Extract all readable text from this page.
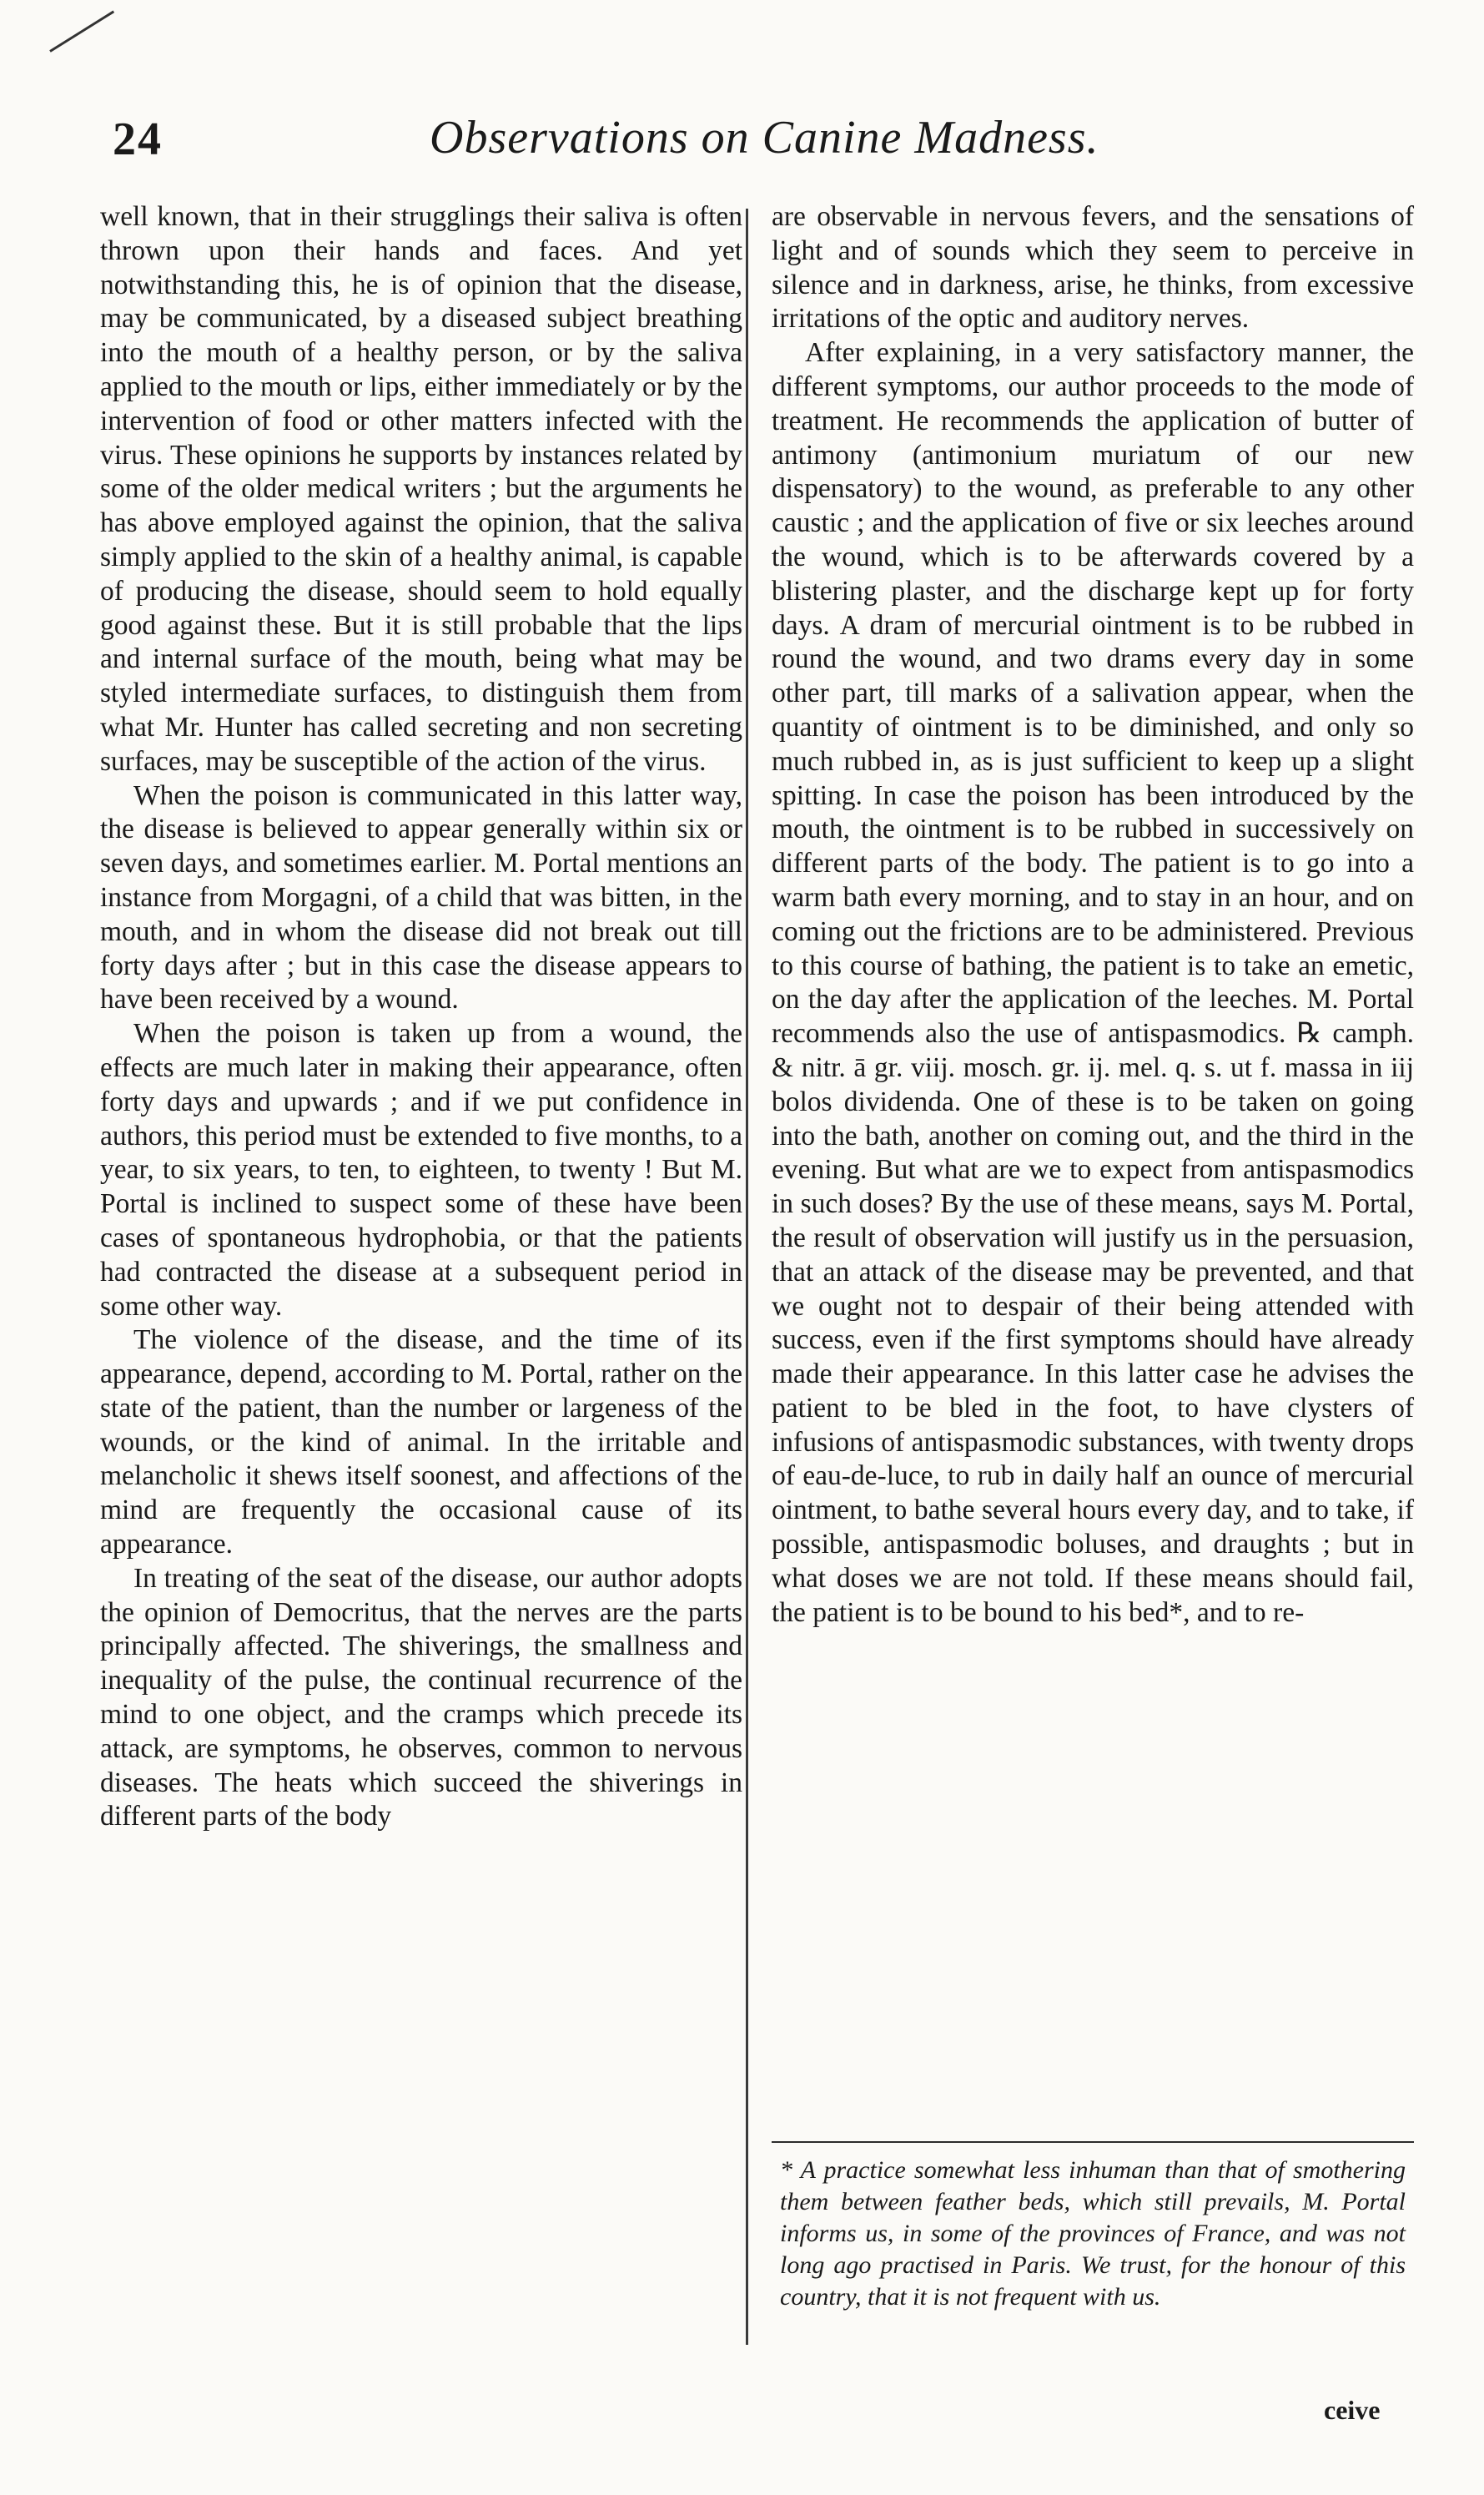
24	Observations on Canine Madness.

well known, that in their strugglings their saliva is often thrown upon their hands and faces. And yet notwithstanding this, he is of opinion that the disease, may be communicated, by a diseased subject breathing into the mouth of a healthy person, or by the saliva applied to the mouth or lips, either immediately or by the intervention of food or other matters infected with the virus. These opinions he supports by instances related by some of the older medical writers ; but the arguments he has above employed against the opinion, that the saliva simply applied to the skin of a healthy animal, is capable of producing the disease, should seem to hold equally good against these. But it is still probable that the lips and internal surface of the mouth, being what may be styled intermediate surfaces, to distinguish them from what Mr. Hunter has called secreting and non secreting surfaces, may be susceptible of the action of the virus.

When the poison is communicated in this latter way, the disease is believed to appear generally within six or seven days, and sometimes earlier. M. Portal mentions an instance from Morgagni, of a child that was bitten, in the mouth, and in whom the disease did not break out till forty days after ; but in this case the disease appears to have been received by a wound.

When the poison is taken up from a wound, the effects are much later in making their appearance, often forty days and upwards ; and if we put confidence in authors, this period must be extended to five months, to a year, to six years, to ten, to eighteen, to twenty ! But M. Portal is inclined to suspect some of these have been cases of spontaneous hydrophobia, or that the patients had contracted the disease at a subsequent period in some other way.

The violence of the disease, and the time of its appearance, depend, according to M. Portal, rather on the state of the patient, than the number or largeness of the wounds, or the kind of animal. In the irritable and melancholic it shews itself soonest, and affections of the mind are frequently the occasional cause of its appearance.

In treating of the seat of the disease, our author adopts the opinion of Democritus, that the nerves are the parts principally affected. The shiverings, the smallness and inequality of the pulse, the continual recurrence of the mind to one object, and the cramps which precede its attack, are symptoms, he observes, common to nervous diseases. The heats which succeed the shiverings in different parts of the body

are observable in nervous fevers, and the sensations of light and of sounds which they seem to perceive in silence and in darkness, arise, he thinks, from excessive irritations of the optic and auditory nerves.

After explaining, in a very satisfactory manner, the different symptoms, our author proceeds to the mode of treatment. He recommends the application of butter of antimony (antimonium muriatum of our new dispensatory) to the wound, as preferable to any other caustic ; and the application of five or six leeches around the wound, which is to be afterwards covered by a blistering plaster, and the discharge kept up for forty days. A dram of mercurial ointment is to be rubbed in round the wound, and two drams every day in some other part, till marks of a salivation appear, when the quantity of ointment is to be diminished, and only so much rubbed in, as is just sufficient to keep up a slight spitting. In case the poison has been introduced by the mouth, the ointment is to be rubbed in successively on different parts of the body. The patient is to go into a warm bath every morning, and to stay in an hour, and on coming out the frictions are to be administered. Previous to this course of bathing, the patient is to take an emetic, on the day after the application of the leeches. M. Portal recommends also the use of antispasmodics. ℞ camph. & nitr. ā gr. viij. mosch. gr. ij. mel. q. s. ut f. massa in iij bolos dividenda. One of these is to be taken on going into the bath, another on coming out, and the third in the evening. But what are we to expect from antispasmodics in such doses? By the use of these means, says M. Portal, the result of observation will justify us in the persuasion, that an attack of the disease may be prevented, and that we ought not to despair of their being attended with success, even if the first symptoms should have already made their appearance. In this latter case he advises the patient to be bled in the foot, to have clysters of infusions of antispasmodic substances, with twenty drops of eau-de-luce, to rub in daily half an ounce of mercurial ointment, to bathe several hours every day, and to take, if possible, antispasmodic boluses, and draughts ; but in what doses we are not told. If these means should fail, the patient is to be bound to his bed*, and to re-

* A practice somewhat less inhuman than that of smothering them between feather beds, which still prevails, M. Portal informs us, in some of the provinces of France, and was not long ago practised in Paris. We trust, for the honour of this country, that it is not frequent with us.
ceive
